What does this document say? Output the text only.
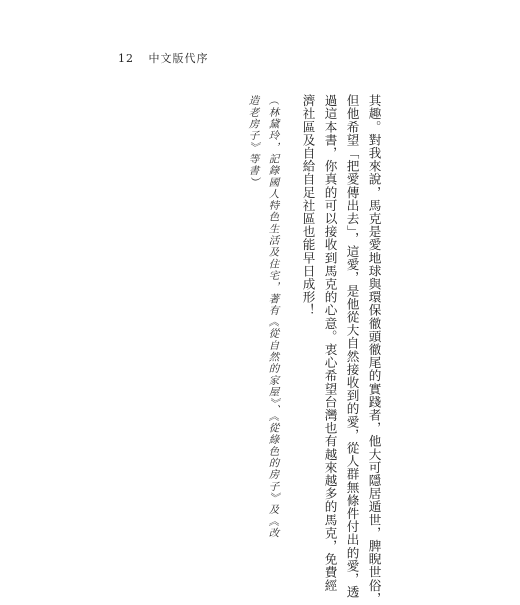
12 中文版代序
其趣。對我來說，馬克是愛地球與環保徹頭徹尾的實踐者，他大可隱居遁世，脾睨世俗，
但他希望「把愛傳出去」，這愛，是他從大自然接收到的愛，從人群無條件付出的愛，透
過這本書，你真的可以接收到馬克的心意。衷心希望台灣也有越來越多的馬克，免費經
濟社區及自給自足社區也能早日成形！
（林黛玲，記錄國人特色生活及住宅，著有《從自然的家屋》、《從綠色的房子》及《改
造老房子》等書）
